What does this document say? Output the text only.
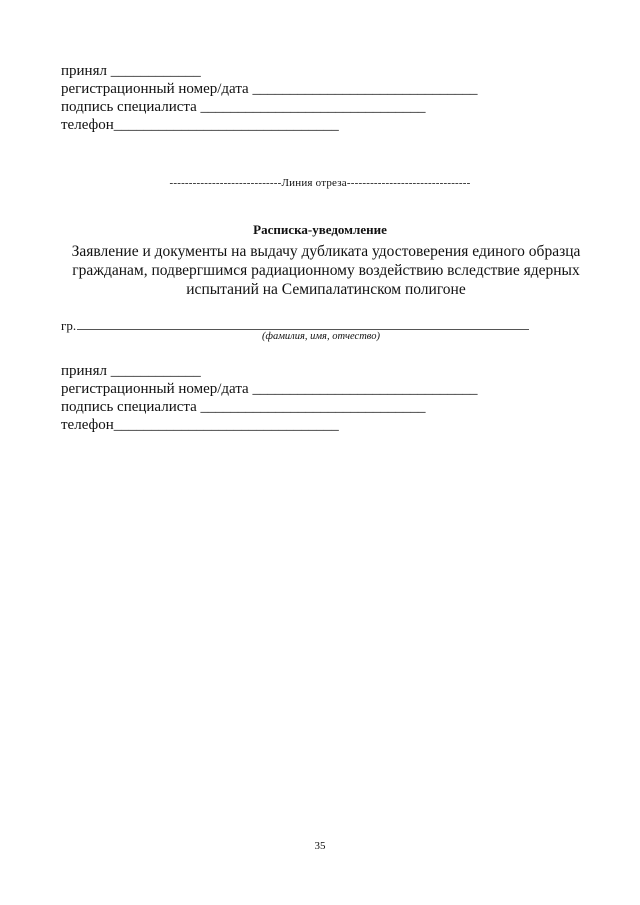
принял ____________
регистрационный номер/дата ______________________________
подпись специалиста ______________________________
телефон______________________________
-----------------------------Линия отреза--------------------------------
Расписка-уведомление
Заявление и документы на выдачу дубликата удостоверения единого образца гражданам, подвергшимся радиационному воздействию вследствие ядерных испытаний на Семипалатинском полигоне
гр.
(фамилия, имя, отчество)
принял ____________
регистрационный номер/дата ______________________________
подпись специалиста ______________________________
телефон______________________________
35
